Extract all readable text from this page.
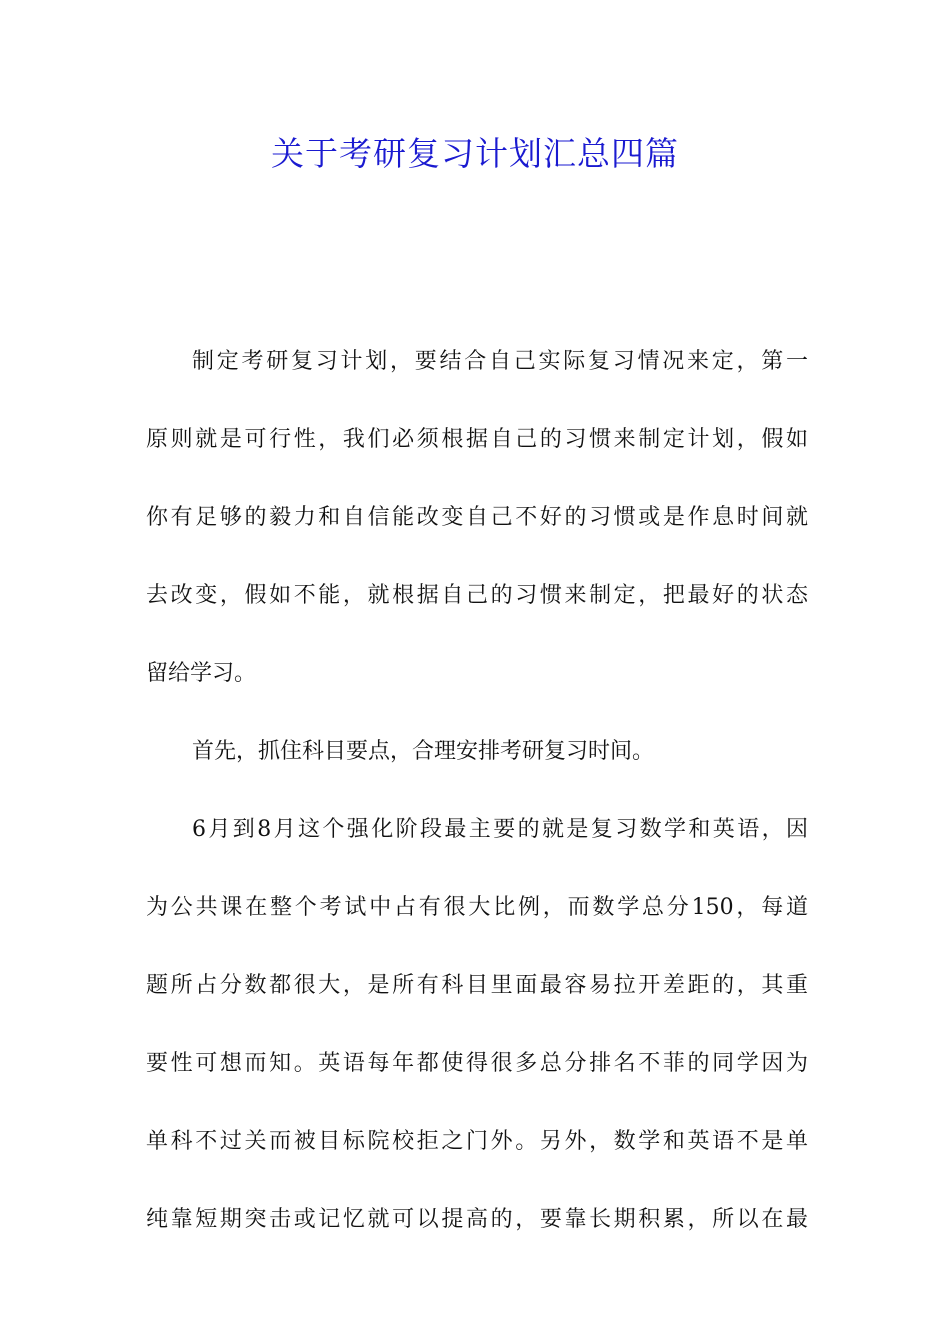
关于考研复习计划汇总四篇
制定考研复习计划，要结合自己实际复习情况来定，第一
原则就是可行性，我们必须根据自己的习惯来制定计划，假如
你有足够的毅力和自信能改变自己不好的习惯或是作息时间就
去改变，假如不能，就根据自己的习惯来制定，把最好的状态
留给学习。
首先，抓住科目要点，合理安排考研复习时间。
6月到8月这个强化阶段最主要的就是复习数学和英语，因
为公共课在整个考试中占有很大比例，而数学总分150，每道
题所占分数都很大，是所有科目里面最容易拉开差距的，其重
要性可想而知。英语每年都使得很多总分排名不菲的同学因为
单科不过关而被目标院校拒之门外。另外，数学和英语不是单
纯靠短期突击或记忆就可以提高的，要靠长期积累，所以在最
